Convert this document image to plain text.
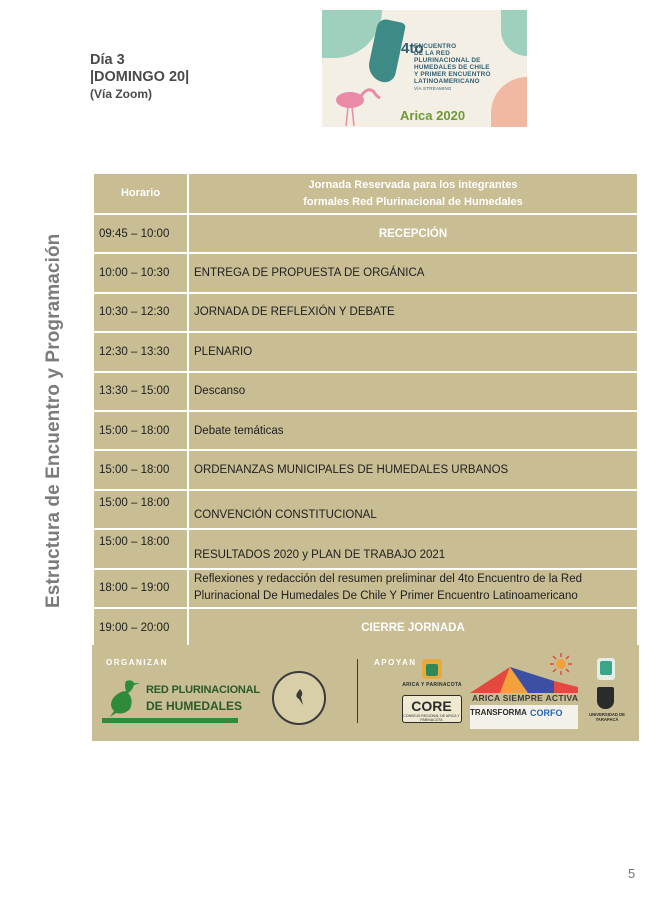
Día 3
|DOMINGO 20|
(Vía Zoom)
4to
ENCUENTRO
DE LA RED
PLURINACIONAL DE
HUMEDALES DE CHILE
Y PRIMER ENCUENTRO
LATINOAMERICANO
VÍA STREAMING
Arica 2020
Estructura de Encuentro y Programación
Horario	Jornada Reservada para los integrantes
formales Red Plurinacional de Humedales

09:45 – 10:00	RECEPCIÓN
10:00 – 10:30	ENTREGA DE PROPUESTA DE ORGÁNICA
10:30 – 12:30	JORNADA DE REFLEXIÓN Y DEBATE
12:30 – 13:30	PLENARIO
13:30 – 15:00	Descanso
15:00 – 18:00	Debate temáticas
15:00 – 18:00	ORDENANZAS MUNICIPALES DE HUMEDALES URBANOS
15:00 – 18:00	CONVENCIÓN CONSTITUCIONAL
15:00 – 18:00	RESULTADOS 2020 y PLAN DE TRABAJO 2021
18:00 – 19:00	Reflexiones y redacción del resumen preliminar del 4to Encuentro de la Red
Plurinacional De Humedales De Chile Y Primer Encuentro Latinoamericano

19:00 – 20:00	CIERRE JORNADA
ORGANIZAN	APOYAN
RED PLURINACIONAL
DE HUMEDALES
ARICA Y PARINACOTA
CORE
CONSEJO REGIONAL DE ARICA Y PARINACOTA
ARICA SIEMPRE ACTIVA
TRANSFORMA CORFO	UNIVERSIDAD DE TARAPACÁ
5
